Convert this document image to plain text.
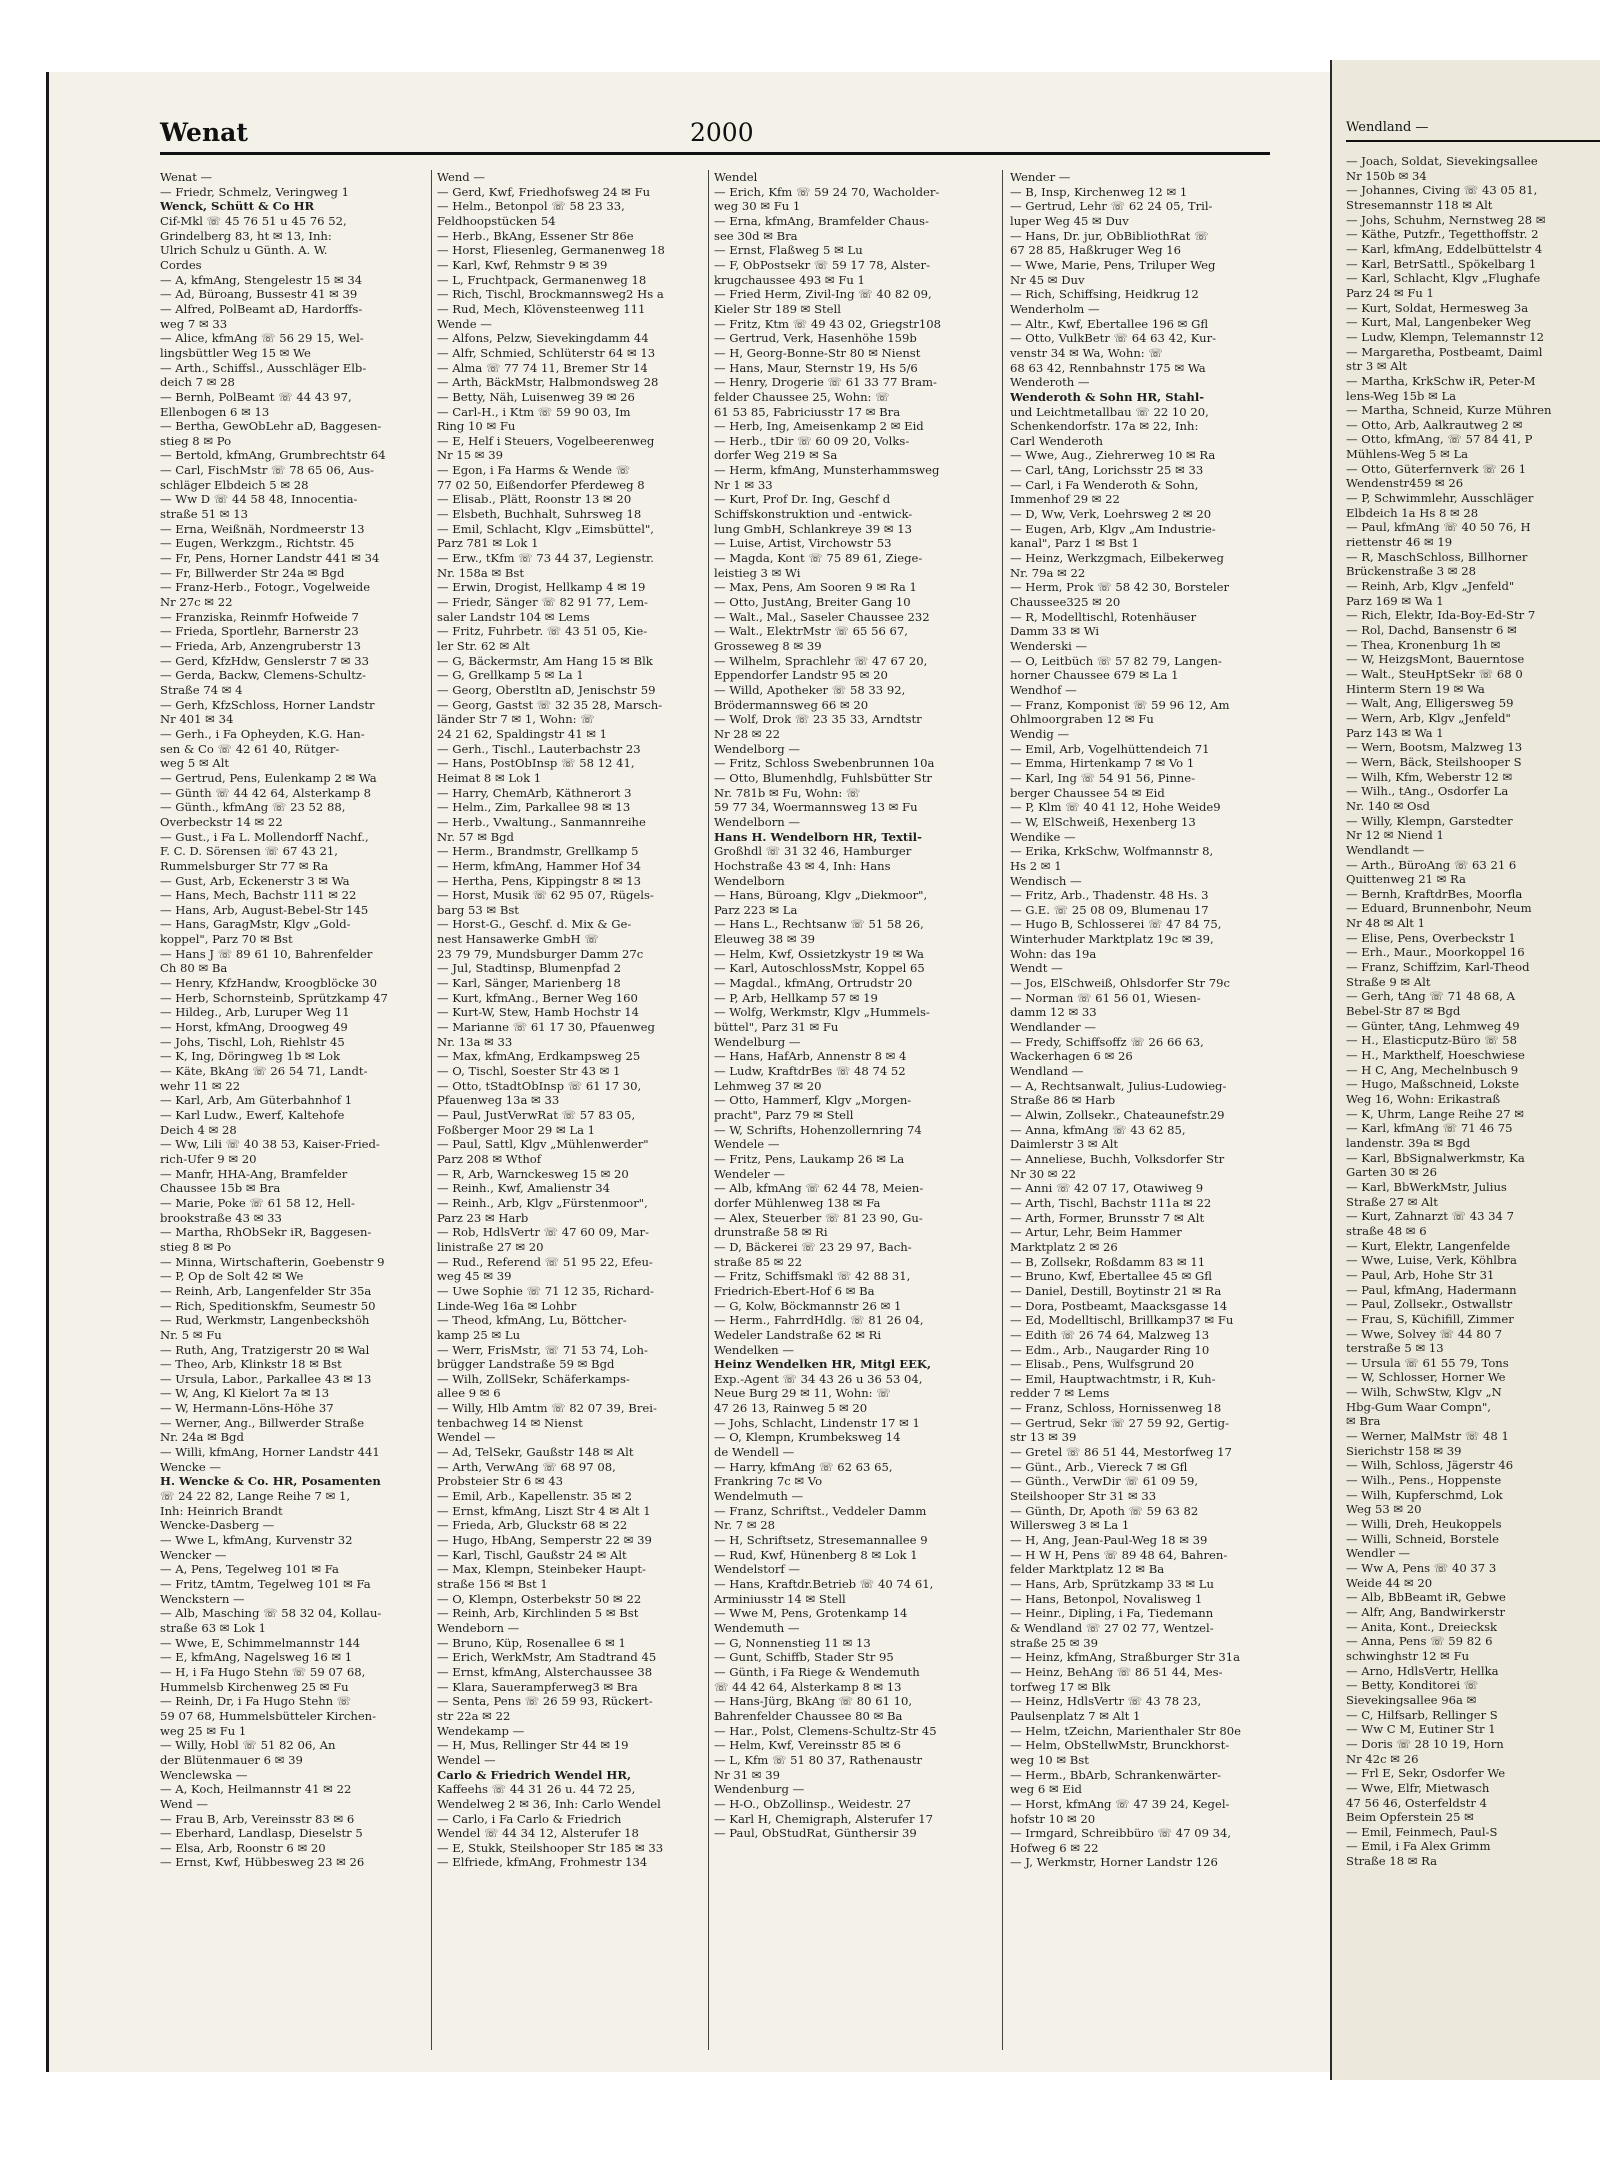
Wendland —
— Joach, Soldat, Sievekingsallee
Nr 150b ✉ 34
— Johannes, Civing ☏ 43 05 81,
Stresemannstr 118 ✉ Alt
— Johs, Schuhm, Nernstweg 28 ✉
— Käthe, Putzfr., Tegetthoffstr. 2
— Karl, kfmAng, Eddelbüttelstr 4
— Karl, BetrSattl., Spökelbarg 1
— Karl, Schlacht, Klgv „Flughafe
Parz 24 ✉ Fu 1
— Kurt, Soldat, Hermesweg 3a
— Kurt, Mal, Langenbeker Weg
— Ludw, Klempn, Telemannstr 12
— Margaretha, Postbeamt, Daiml
str 3 ✉ Alt
— Martha, KrkSchw iR, Peter-M
lens-Weg 15b ✉ La
— Martha, Schneid, Kurze Mühren
— Otto, Arb, Aalkrautweg 2 ✉
— Otto, kfmAng, ☏ 57 84 41, P
Mühlens-Weg 5 ✉ La
— Otto, Güterfernverk ☏ 26 1
Wendenstr459 ✉ 26
— P, Schwimmlehr, Ausschläger
Elbdeich 1a Hs 8 ✉ 28
— Paul, kfmAng ☏ 40 50 76, H
riettenstr 46 ✉ 19
— R, MaschSchloss, Billhorner
Brückenstraße 3 ✉ 28
— Reinh, Arb, Klgv „Jenfeld"
Parz 169 ✉ Wa 1
— Rich, Elektr, Ida-Boy-Ed-Str 7
— Rol, Dachd, Bansenstr 6 ✉
— Thea, Kronenburg 1h ✉
— W, HeizgsMont, Bauerntose
— Walt., SteuHptSekr ☏ 68 0
Hinterm Stern 19 ✉ Wa
— Walt, Ang, Elligersweg 59
— Wern, Arb, Klgv „Jenfeld"
Parz 143 ✉ Wa 1
— Wern, Bootsm, Malzweg 13
— Wern, Bäck, Steilshooper S
— Wilh, Kfm, Weberstr 12 ✉
— Wilh., tAng., Osdorfer La
Nr. 140 ✉ Osd
— Willy, Klempn, Garstedter
Nr 12 ✉ Niend 1
Wendlandt —
— Arth., BüroAng ☏ 63 21 6
Quittenweg 21 ✉ Ra
— Bernh, KraftdrBes, Moorfla
— Eduard, Brunnenbohr, Neum
Nr 48 ✉ Alt 1
— Elise, Pens, Overbeckstr 1
— Erh., Maur., Moorkoppel 16
— Franz, Schiffzim, Karl-Theod
Straße 9 ✉ Alt
— Gerh, tAng ☏ 71 48 68, A
Bebel-Str 87 ✉ Bgd
— Günter, tAng, Lehmweg 49
— H., Elasticputz-Büro ☏ 58
— H., Markthelf, Hoeschwiese
— H C, Ang, Mechelnbusch 9
— Hugo, Maßschneid, Lokste
Weg 16, Wohn: Erikastraß
— K, Uhrm, Lange Reihe 27 ✉
— Karl, kfmAng ☏ 71 46 75
landenstr. 39a ✉ Bgd
— Karl, BbSignalwerkmstr, Ka
Garten 30 ✉ 26
— Karl, BbWerkMstr, Julius
Straße 27 ✉ Alt
— Kurt, Zahnarzt ☏ 43 34 7
straße 48 ✉ 6
— Kurt, Elektr, Langenfelde
— Wwe, Luise, Verk, Köhlbra
— Paul, Arb, Hohe Str 31
— Paul, kfmAng, Hadermann
— Paul, Zollsekr., Ostwallstr
— Frau, S, Küchifill, Zimmer
— Wwe, Solvey ☏ 44 80 7
terstraße 5 ✉ 13
— Ursula ☏ 61 55 79, Tons
— W, Schlosser, Horner We
— Wilh, SchwStw, Klgv „N
Hbg-Gum Waar Compn",
✉ Bra
— Werner, MalMstr ☏ 48 1
Sierichstr 158 ✉ 39
— Wilh, Schloss, Jägerstr 46
— Wilh., Pens., Hoppenste
— Wilh, Kupferschmd, Lok
Weg 53 ✉ 20
— Willi, Dreh, Heukoppels
— Willi, Schneid, Borstele
Wendler —
— Ww A, Pens ☏ 40 37 3
Weide 44 ✉ 20
— Alb, BbBeamt iR, Gebwe
— Alfr, Ang, Bandwirkerstr
— Anita, Kont., Dreiecksk
— Anna, Pens ☏ 59 82 6
schwinghstr 12 ✉ Fu
— Arno, HdlsVertr, Hellka
— Betty, Konditorei ☏
Sievekingsallee 96a ✉
— C, Hilfsarb, Rellinger S
— Ww C M, Eutiner Str 1
— Doris ☏ 28 10 19, Horn
Nr 42c ✉ 26
— Frl E, Sekr, Osdorfer We
— Wwe, Elfr, Mietwasch
47 56 46, Osterfeldstr 4
Beim Opferstein 25 ✉
— Emil, Feinmech, Paul-S
— Emil, i Fa Alex Grimm
Straße 18 ✉ Ra
Wenat	2000
Wenat —
— Friedr, Schmelz, Veringweg 1
Wenck, Schütt & Co HR
Cif-Mkl ☏ 45 76 51 u 45 76 52,
Grindelberg 83, ht ✉ 13, Inh:
Ulrich Schulz u Günth. A. W.
Cordes
— A, kfmAng, Stengelestr 15 ✉ 34
— Ad, Büroang, Bussestr 41 ✉ 39
— Alfred, PolBeamt aD, Hardorffs-
weg 7 ✉ 33
— Alice, kfmAng ☏ 56 29 15, Wel-
lingsbüttler Weg 15 ✉ We
— Arth., Schiffsl., Ausschläger Elb-
deich 7 ✉ 28
— Bernh, PolBeamt ☏ 44 43 97,
Ellenbogen 6 ✉ 13
— Bertha, GewObLehr aD, Baggesen-
stieg 8 ✉ Po
— Bertold, kfmAng, Grumbrechtstr 64
— Carl, FischMstr ☏ 78 65 06, Aus-
schläger Elbdeich 5 ✉ 28
— Ww D ☏ 44 58 48, Innocentia-
straße 51 ✉ 13
— Erna, Weißnäh, Nordmeerstr 13
— Eugen, Werkzgm., Richtstr. 45
— Fr, Pens, Horner Landstr 441 ✉ 34
— Fr, Billwerder Str 24a ✉ Bgd
— Franz-Herb., Fotogr., Vogelweide
Nr 27c ✉ 22
— Franziska, Reinmfr Hofweide 7
— Frieda, Sportlehr, Barnerstr 23
— Frieda, Arb, Anzengruberstr 13
— Gerd, KfzHdw, Genslerstr 7 ✉ 33
— Gerda, Backw, Clemens-Schultz-
Straße 74 ✉ 4
— Gerh, KfzSchloss, Horner Landstr
Nr 401 ✉ 34
— Gerh., i Fa Opheyden, K.G. Han-
sen & Co ☏ 42 61 40, Rütger-
weg 5 ✉ Alt
— Gertrud, Pens, Eulenkamp 2 ✉ Wa
— Günth ☏ 44 42 64, Alsterkamp 8
— Günth., kfmAng ☏ 23 52 88,
Overbeckstr 14 ✉ 22
— Gust., i Fa L. Mollendorff Nachf.,
F. C. D. Sörensen ☏ 67 43 21,
Rummelsburger Str 77 ✉ Ra
— Gust, Arb, Eckenerstr 3 ✉ Wa
— Hans, Mech, Bachstr 111 ✉ 22
— Hans, Arb, August-Bebel-Str 145
— Hans, GaragMstr, Klgv „Gold-
koppel", Parz 70 ✉ Bst
— Hans J ☏ 89 61 10, Bahrenfelder
Ch 80 ✉ Ba
— Henry, KfzHandw, Kroogblöcke 30
— Herb, Schornsteinb, Sprützkamp 47
— Hildeg., Arb, Luruper Weg 11
— Horst, kfmAng, Droogweg 49
— Johs, Tischl, Loh, Riehlstr 45
— K, Ing, Döringweg 1b ✉ Lok
— Käte, BkAng ☏ 26 54 71, Landt-
wehr 11 ✉ 22
— Karl, Arb, Am Güterbahnhof 1
— Karl Ludw., Ewerf, Kaltehofe
Deich 4 ✉ 28
— Ww, Lili ☏ 40 38 53, Kaiser-Fried-
rich-Ufer 9 ✉ 20
— Manfr, HHA-Ang, Bramfelder
Chaussee 15b ✉ Bra
— Marie, Poke ☏ 61 58 12, Hell-
brookstraße 43 ✉ 33
— Martha, RhObSekr iR, Baggesen-
stieg 8 ✉ Po
— Minna, Wirtschafterin, Goebenstr 9
— P, Op de Solt 42 ✉ We
— Reinh, Arb, Langenfelder Str 35a
— Rich, Speditionskfm, Seumestr 50
— Rud, Werkmstr, Langenbeckshöh
Nr. 5 ✉ Fu
— Ruth, Ang, Tratzigerstr 20 ✉ Wal
— Theo, Arb, Klinkstr 18 ✉ Bst
— Ursula, Labor., Parkallee 43 ✉ 13
— W, Ang, Kl Kielort 7a ✉ 13
— W, Hermann-Löns-Höhe 37
— Werner, Ang., Billwerder Straße
Nr. 24a ✉ Bgd
— Willi, kfmAng, Horner Landstr 441
Wencke —
H. Wencke & Co. HR, Posamenten
☏ 24 22 82, Lange Reihe 7 ✉ 1,
Inh: Heinrich Brandt
Wencke-Dasberg —
— Wwe L, kfmAng, Kurvenstr 32
Wencker —
— A, Pens, Tegelweg 101 ✉ Fa
— Fritz, tAmtm, Tegelweg 101 ✉ Fa
Wenckstern —
— Alb, Masching ☏ 58 32 04, Kollau-
straße 63 ✉ Lok 1
— Wwe, E, Schimmelmannstr 144
— E, kfmAng, Nagelsweg 16 ✉ 1
— H, i Fa Hugo Stehn ☏ 59 07 68,
Hummelsb Kirchenweg 25 ✉ Fu
— Reinh, Dr, i Fa Hugo Stehn ☏
59 07 68, Hummelsbütteler Kirchen-
weg 25 ✉ Fu 1
— Willy, Hobl ☏ 51 82 06, An
der Blütenmauer 6 ✉ 39
Wenclewska —
— A, Koch, Heilmannstr 41 ✉ 22
Wend —
— Frau B, Arb, Vereinsstr 83 ✉ 6
— Eberhard, Landlasp, Dieselstr 5
— Elsa, Arb, Roonstr 6 ✉ 20
— Ernst, Kwf, Hübbesweg 23 ✉ 26
Wend —
— Gerd, Kwf, Friedhofsweg 24 ✉ Fu
— Helm., Betonpol ☏ 58 23 33,
Feldhoopstücken 54
— Herb., BkAng, Essener Str 86e
— Horst, Fliesenleg, Germanenweg 18
— Karl, Kwf, Rehmstr 9 ✉ 39
— L, Fruchtpack, Germanenweg 18
— Rich, Tischl, Brockmannsweg2 Hs a
— Rud, Mech, Klövensteenweg 111
Wende —
— Alfons, Pelzw, Sievekingdamm 44
— Alfr, Schmied, Schlüterstr 64 ✉ 13
— Alma ☏ 77 74 11, Bremer Str 14
— Arth, BäckMstr, Halbmondsweg 28
— Betty, Näh, Luisenweg 39 ✉ 26
— Carl-H., i Ktm ☏ 59 90 03, Im
Ring 10 ✉ Fu
— E, Helf i Steuers, Vogelbeerenweg
Nr 15 ✉ 39
— Egon, i Fa Harms & Wende ☏
77 02 50, Eißendorfer Pferdeweg 8
— Elisab., Plätt, Roonstr 13 ✉ 20
— Elsbeth, Buchhalt, Suhrsweg 18
— Emil, Schlacht, Klgv „Eimsbüttel",
Parz 781 ✉ Lok 1
— Erw., tKfm ☏ 73 44 37, Legienstr.
Nr. 158a ✉ Bst
— Erwin, Drogist, Hellkamp 4 ✉ 19
— Friedr, Sänger ☏ 82 91 77, Lem-
saler Landstr 104 ✉ Lems
— Fritz, Fuhrbetr. ☏ 43 51 05, Kie-
ler Str. 62 ✉ Alt
— G, Bäckermstr, Am Hang 15 ✉ Blk
— G, Grellkamp 5 ✉ La 1
— Georg, Oberstltn aD, Jenischstr 59
— Georg, Gastst ☏ 32 35 28, Marsch-
länder Str 7 ✉ 1, Wohn: ☏
24 21 62, Spaldingstr 41 ✉ 1
— Gerh., Tischl., Lauterbachstr 23
— Hans, PostObInsp ☏ 58 12 41,
Heimat 8 ✉ Lok 1
— Harry, ChemArb, Käthnerort 3
— Helm., Zim, Parkallee 98 ✉ 13
— Herb., Vwaltung., Sanmannreihe
Nr. 57 ✉ Bgd
— Herm., Brandmstr, Grellkamp 5
— Herm, kfmAng, Hammer Hof 34
— Hertha, Pens, Kippingstr 8 ✉ 13
— Horst, Musik ☏ 62 95 07, Rügels-
barg 53 ✉ Bst
— Horst-G., Geschf. d. Mix & Ge-
nest Hansawerke GmbH ☏
23 79 79, Mundsburger Damm 27c
— Jul, Stadtinsp, Blumenpfad 2
— Karl, Sänger, Marienberg 18
— Kurt, kfmAng., Berner Weg 160
— Kurt-W, Stew, Hamb Hochstr 14
— Marianne ☏ 61 17 30, Pfauenweg
Nr. 13a ✉ 33
— Max, kfmAng, Erdkampsweg 25
— O, Tischl, Soester Str 43 ✉ 1
— Otto, tStadtObInsp ☏ 61 17 30,
Pfauenweg 13a ✉ 33
— Paul, JustVerwRat ☏ 57 83 05,
Foßberger Moor 29 ✉ La 1
— Paul, Sattl, Klgv „Mühlenwerder"
Parz 208 ✉ Wthof
— R, Arb, Warnckesweg 15 ✉ 20
— Reinh., Kwf, Amalienstr 34
— Reinh., Arb, Klgv „Fürstenmoor",
Parz 23 ✉ Harb
— Rob, HdlsVertr ☏ 47 60 09, Mar-
linistraße 27 ✉ 20
— Rud., Referend ☏ 51 95 22, Efeu-
weg 45 ✉ 39
— Uwe Sophie ☏ 71 12 35, Richard-
Linde-Weg 16a ✉ Lohbr
— Theod, kfmAng, Lu, Böttcher-
kamp 25 ✉ Lu
— Werr, FrisMstr, ☏ 71 53 74, Loh-
brügger Landstraße 59 ✉ Bgd
— Wilh, ZollSekr, Schäferkamps-
allee 9 ✉ 6
— Willy, Hlb Amtm ☏ 82 07 39, Brei-
tenbachweg 14 ✉ Nienst
Wendel —
— Ad, TelSekr, Gaußstr 148 ✉ Alt
— Arth, VerwAng ☏ 68 97 08,
Probsteier Str 6 ✉ 43
— Emil, Arb., Kapellenstr. 35 ✉ 2
— Ernst, kfmAng, Liszt Str 4 ✉ Alt 1
— Frieda, Arb, Gluckstr 68 ✉ 22
— Hugo, HbAng, Semperstr 22 ✉ 39
— Karl, Tischl, Gaußstr 24 ✉ Alt
— Max, Klempn, Steinbeker Haupt-
straße 156 ✉ Bst 1
— O, Klempn, Osterbekstr 50 ✉ 22
— Reinh, Arb, Kirchlinden 5 ✉ Bst
Wendeborn —
— Bruno, Küp, Rosenallee 6 ✉ 1
— Erich, WerkMstr, Am Stadtrand 45
— Ernst, kfmAng, Alsterchaussee 38
— Klara, Sauerampferweg3 ✉ Bra
— Senta, Pens ☏ 26 59 93, Rückert-
str 22a ✉ 22
Wendekamp —
— H, Mus, Rellinger Str 44 ✉ 19
Wendel —
Carlo & Friedrich Wendel HR,
Kaffeehs ☏ 44 31 26 u. 44 72 25,
Wendelweg 2 ✉ 36, Inh: Carlo Wendel
— Carlo, i Fa Carlo & Friedrich
Wendel ☏ 44 34 12, Alsterufer 18
— E, Stukk, Steilshooper Str 185 ✉ 33
— Elfriede, kfmAng, Frohmestr 134
Wendel
— Erich, Kfm ☏ 59 24 70, Wacholder-
weg 30 ✉ Fu 1
— Erna, kfmAng, Bramfelder Chaus-
see 30d ✉ Bra
— Ernst, Flaßweg 5 ✉ Lu
— F, ObPostsekr ☏ 59 17 78, Alster-
krugchaussee 493 ✉ Fu 1
— Fried Herm, Zivil-Ing ☏ 40 82 09,
Kieler Str 189 ✉ Stell
— Fritz, Ktm ☏ 49 43 02, Griegstr108
— Gertrud, Verk, Hasenhöhe 159b
— H, Georg-Bonne-Str 80 ✉ Nienst
— Hans, Maur, Sternstr 19, Hs 5/6
— Henry, Drogerie ☏ 61 33 77 Bram-
felder Chaussee 25, Wohn: ☏
61 53 85, Fabriciusstr 17 ✉ Bra
— Herb, Ing, Ameisenkamp 2 ✉ Eid
— Herb., tDir ☏ 60 09 20, Volks-
dorfer Weg 219 ✉ Sa
— Herm, kfmAng, Munsterhammsweg
Nr 1 ✉ 33
— Kurt, Prof Dr. Ing, Geschf d
Schiffskonstruktion und -entwick-
lung GmbH, Schlankreye 39 ✉ 13
— Luise, Artist, Virchowstr 53
— Magda, Kont ☏ 75 89 61, Ziege-
leistieg 3 ✉ Wi
— Max, Pens, Am Sooren 9 ✉ Ra 1
— Otto, JustAng, Breiter Gang 10
— Walt., Mal., Saseler Chaussee 232
— Walt., ElektrMstr ☏ 65 56 67,
Grosseweg 8 ✉ 39
— Wilhelm, Sprachlehr ☏ 47 67 20,
Eppendorfer Landstr 95 ✉ 20
— Willd, Apotheker ☏ 58 33 92,
Brödermannsweg 66 ✉ 20
— Wolf, Drok ☏ 23 35 33, Arndtstr
Nr 28 ✉ 22
Wendelborg —
— Fritz, Schloss Swebenbrunnen 10a
— Otto, Blumenhdlg, Fuhlsbütter Str
Nr. 781b ✉ Fu, Wohn: ☏
59 77 34, Woermannsweg 13 ✉ Fu
Wendelborn —
Hans H. Wendelborn HR, Textil-
Großhdl ☏ 31 32 46, Hamburger
Hochstraße 43 ✉ 4, Inh: Hans
Wendelborn
— Hans, Büroang, Klgv „Diekmoor",
Parz 223 ✉ La
— Hans L., Rechtsanw ☏ 51 58 26,
Eleuweg 38 ✉ 39
— Helm, Kwf, Ossietzkystr 19 ✉ Wa
— Karl, AutoschlossMstr, Koppel 65
— Magdal., kfmAng, Ortrudstr 20
— P, Arb, Hellkamp 57 ✉ 19
— Wolfg, Werkmstr, Klgv „Hummels-
büttel", Parz 31 ✉ Fu
Wendelburg —
— Hans, HafArb, Annenstr 8 ✉ 4
— Ludw, KraftdrBes ☏ 48 74 52
Lehmweg 37 ✉ 20
— Otto, Hammerf, Klgv „Morgen-
pracht", Parz 79 ✉ Stell
— W, Schrifts, Hohenzollernring 74
Wendele —
— Fritz, Pens, Laukamp 26 ✉ La
Wendeler —
— Alb, kfmAng ☏ 62 44 78, Meien-
dorfer Mühlenweg 138 ✉ Fa
— Alex, Steuerber ☏ 81 23 90, Gu-
drunstraße 58 ✉ Ri
— D, Bäckerei ☏ 23 29 97, Bach-
straße 85 ✉ 22
— Fritz, Schiffsmakl ☏ 42 88 31,
Friedrich-Ebert-Hof 6 ✉ Ba
— G, Kolw, Böckmannstr 26 ✉ 1
— Herm., FahrrdHdlg. ☏ 81 26 04,
Wedeler Landstraße 62 ✉ Ri
Wendelken —
Heinz Wendelken HR, Mitgl EEK,
Exp.-Agent ☏ 34 43 26 u 36 53 04,
Neue Burg 29 ✉ 11, Wohn: ☏
47 26 13, Rainweg 5 ✉ 20
— Johs, Schlacht, Lindenstr 17 ✉ 1
— O, Klempn, Krumbeksweg 14
de Wendell —
— Harry, kfmAng ☏ 62 63 65,
Frankring 7c ✉ Vo
Wendelmuth —
— Franz, Schriftst., Veddeler Damm
Nr. 7 ✉ 28
— H, Schriftsetz, Stresemannallee 9
— Rud, Kwf, Hünenberg 8 ✉ Lok 1
Wendelstorf —
— Hans, Kraftdr.Betrieb ☏ 40 74 61,
Arminiusstr 14 ✉ Stell
— Wwe M, Pens, Grotenkamp 14
Wendemuth —
— G, Nonnenstieg 11 ✉ 13
— Gunt, Schiffb, Stader Str 95
— Günth, i Fa Riege & Wendemuth
☏ 44 42 64, Alsterkamp 8 ✉ 13
— Hans-Jürg, BkAng ☏ 80 61 10,
Bahrenfelder Chaussee 80 ✉ Ba
— Har., Polst, Clemens-Schultz-Str 45
— Helm, Kwf, Vereinsstr 85 ✉ 6
— L, Kfm ☏ 51 80 37, Rathenaustr
Nr 31 ✉ 39
Wendenburg —
— H-O., ObZollinsp., Weidestr. 27
— Karl H, Chemigraph, Alsterufer 17
— Paul, ObStudRat, Günthersir 39
Wender —
— B, Insp, Kirchenweg 12 ✉ 1
— Gertrud, Lehr ☏ 62 24 05, Tril-
luper Weg 45 ✉ Duv
— Hans, Dr. jur, ObBibliothRat ☏
67 28 85, Haßkruger Weg 16
— Wwe, Marie, Pens, Triluper Weg
Nr 45 ✉ Duv
— Rich, Schiffsing, Heidkrug 12
Wenderholm —
— Altr., Kwf, Ebertallee 196 ✉ Gfl
— Otto, VulkBetr ☏ 64 63 42, Kur-
venstr 34 ✉ Wa, Wohn: ☏
68 63 42, Rennbahnstr 175 ✉ Wa
Wenderoth —
Wenderoth & Sohn HR, Stahl-
und Leichtmetallbau ☏ 22 10 20,
Schenkendorfstr. 17a ✉ 22, Inh:
Carl Wenderoth
— Wwe, Aug., Ziehrerweg 10 ✉ Ra
— Carl, tAng, Lorichsstr 25 ✉ 33
— Carl, i Fa Wenderoth & Sohn,
Immenhof 29 ✉ 22
— D, Ww, Verk, Loehrsweg 2 ✉ 20
— Eugen, Arb, Klgv „Am Industrie-
kanal", Parz 1 ✉ Bst 1
— Heinz, Werkzgmach, Eilbekerweg
Nr. 79a ✉ 22
— Herm, Prok ☏ 58 42 30, Borsteler
Chaussee325 ✉ 20
— R, Modelltischl, Rotenhäuser
Damm 33 ✉ Wi
Wenderski —
— O, Leitbüch ☏ 57 82 79, Langen-
horner Chaussee 679 ✉ La 1
Wendhof —
— Franz, Komponist ☏ 59 96 12, Am
Ohlmoorgraben 12 ✉ Fu
Wendig —
— Emil, Arb, Vogelhüttendeich 71
— Emma, Hirtenkamp 7 ✉ Vo 1
— Karl, Ing ☏ 54 91 56, Pinne-
berger Chaussee 54 ✉ Eid
— P, Klm ☏ 40 41 12, Hohe Weide9
— W, ElSchweiß, Hexenberg 13
Wendike —
— Erika, KrkSchw, Wolfmannstr 8,
Hs 2 ✉ 1
Wendisch —
— Fritz, Arb., Thadenstr. 48 Hs. 3
— G.E. ☏ 25 08 09, Blumenau 17
— Hugo B, Schlosserei ☏ 47 84 75,
Winterhuder Marktplatz 19c ✉ 39,
Wohn: das 19a
Wendt —
— Jos, ElSchweiß, Ohlsdorfer Str 79c
— Norman ☏ 61 56 01, Wiesen-
damm 12 ✉ 33
Wendlander —
— Fredy, Schiffsoffz ☏ 26 66 63,
Wackerhagen 6 ✉ 26
Wendland —
— A, Rechtsanwalt, Julius-Ludowieg-
Straße 86 ✉ Harb
— Alwin, Zollsekr., Chateaunefstr.29
— Anna, kfmAng ☏ 43 62 85,
Daimlerstr 3 ✉ Alt
— Anneliese, Buchh, Volksdorfer Str
Nr 30 ✉ 22
— Anni ☏ 42 07 17, Otawiweg 9
— Arth, Tischl, Bachstr 111a ✉ 22
— Arth, Former, Brunsstr 7 ✉ Alt
— Artur, Lehr, Beim Hammer
Marktplatz 2 ✉ 26
— B, Zollsekr, Roßdamm 83 ✉ 11
— Bruno, Kwf, Ebertallee 45 ✉ Gfl
— Daniel, Destill, Boytinstr 21 ✉ Ra
— Dora, Postbeamt, Maacksgasse 14
— Ed, Modelltischl, Brillkamp37 ✉ Fu
— Edith ☏ 26 74 64, Malzweg 13
— Edm., Arb., Naugarder Ring 10
— Elisab., Pens, Wulfsgrund 20
— Emil, Hauptwachtmstr, i R, Kuh-
redder 7 ✉ Lems
— Franz, Schloss, Hornissenweg 18
— Gertrud, Sekr ☏ 27 59 92, Gertig-
str 13 ✉ 39
— Gretel ☏ 86 51 44, Mestorfweg 17
— Günt., Arb., Viereck 7 ✉ Gfl
— Günth., VerwDir ☏ 61 09 59,
Steilshooper Str 31 ✉ 33
— Günth, Dr, Apoth ☏ 59 63 82
Willersweg 3 ✉ La 1
— H, Ang, Jean-Paul-Weg 18 ✉ 39
— H W H, Pens ☏ 89 48 64, Bahren-
felder Marktplatz 12 ✉ Ba
— Hans, Arb, Sprützkamp 33 ✉ Lu
— Hans, Betonpol, Novalisweg 1
— Heinr., Dipling, i Fa, Tiedemann
& Wendland ☏ 27 02 77, Wentzel-
straße 25 ✉ 39
— Heinz, kfmAng, Straßburger Str 31a
— Heinz, BehAng ☏ 86 51 44, Mes-
torfweg 17 ✉ Blk
— Heinz, HdlsVertr ☏ 43 78 23,
Paulsenplatz 7 ✉ Alt 1
— Helm, tZeichn, Marienthaler Str 80e
— Helm, ObStellwMstr, Brunckhorst-
weg 10 ✉ Bst
— Herm., BbArb, Schrankenwärter-
weg 6 ✉ Eid
— Horst, kfmAng ☏ 47 39 24, Kegel-
hofstr 10 ✉ 20
— Irmgard, Schreibbüro ☏ 47 09 34,
Hofweg 6 ✉ 22
— J, Werkmstr, Horner Landstr 126
